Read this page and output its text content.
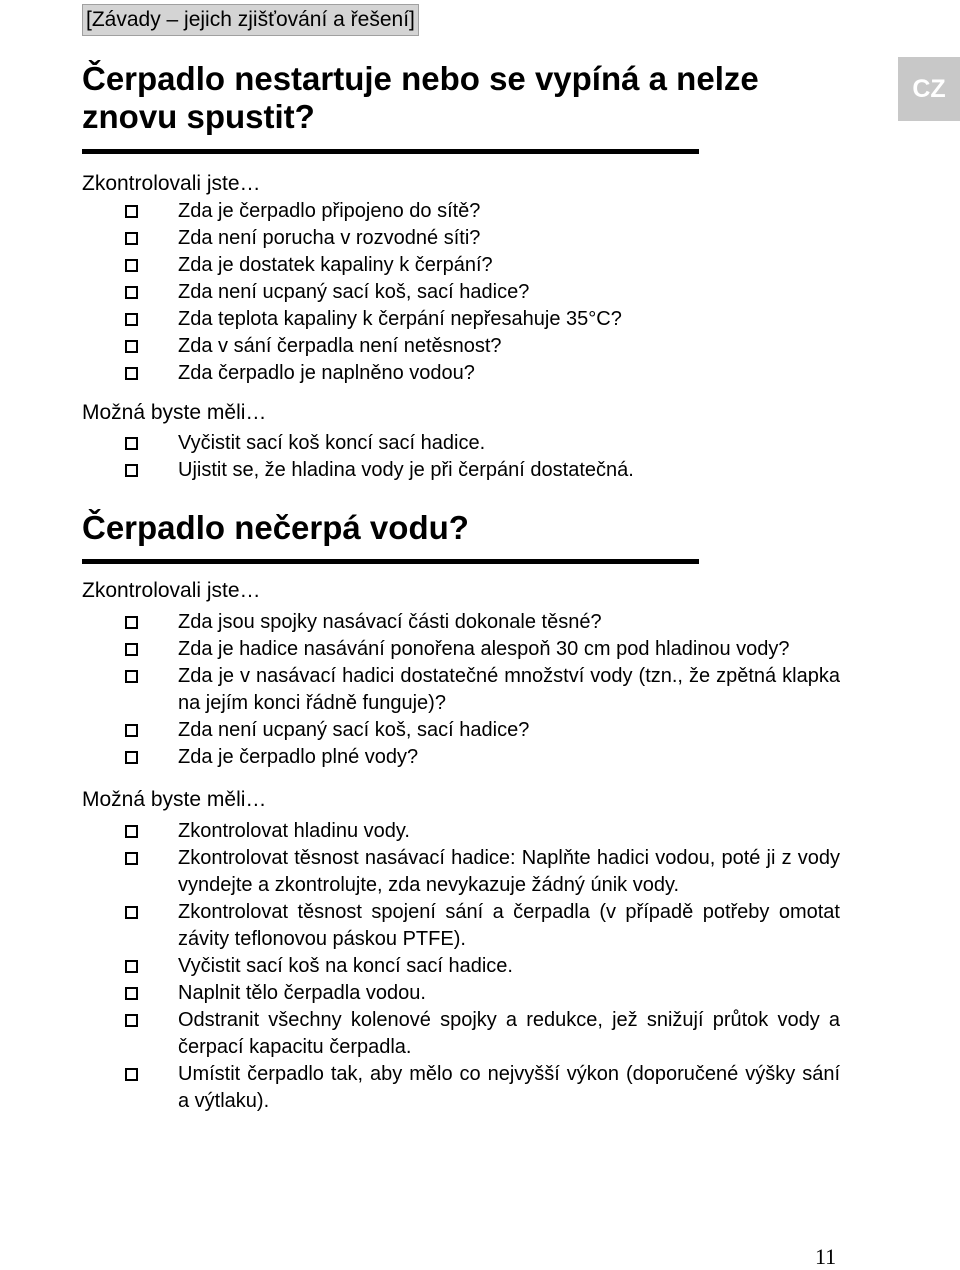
[Závady – jejich zjišťování a řešení]
CZ
Čerpadlo nestartuje nebo se vypíná a nelze znovu spustit?
Zkontrolovali jste…
Zda je čerpadlo připojeno do sítě?
Zda není porucha v rozvodné síti?
Zda je dostatek kapaliny k čerpání?
Zda není ucpaný sací koš, sací hadice?
Zda teplota kapaliny k čerpání nepřesahuje 35°C?
Zda v sání čerpadla není netěsnost?
Zda čerpadlo je naplněno vodou?
Možná byste měli…
Vyčistit sací koš koncí sací hadice.
Ujistit se, že hladina vody je při čerpání dostatečná.
Čerpadlo nečerpá vodu?
Zkontrolovali jste…
Zda jsou spojky nasávací části dokonale těsné?
Zda je hadice nasávání ponořena alespoň 30 cm pod hladinou vody?
Zda je v nasávací hadici dostatečné množství vody (tzn., že zpětná klapka na jejím konci řádně funguje)?
Zda není ucpaný sací koš, sací hadice?
Zda je čerpadlo plné vody?
Možná byste měli…
Zkontrolovat hladinu vody.
Zkontrolovat těsnost nasávací hadice: Naplňte hadici vodou, poté ji z vody vyndejte a zkontrolujte, zda nevykazuje žádný únik vody.
Zkontrolovat těsnost spojení sání a čerpadla (v případě potřeby omotat závity teflonovou páskou PTFE).
Vyčistit sací koš na koncí sací hadice.
Naplnit tělo čerpadla vodou.
Odstranit všechny kolenové spojky a redukce, jež snižují průtok vody a čerpací kapacitu čerpadla.
Umístit čerpadlo tak, aby mělo co nejvyšší výkon (doporučené výšky sání a výtlaku).
11
